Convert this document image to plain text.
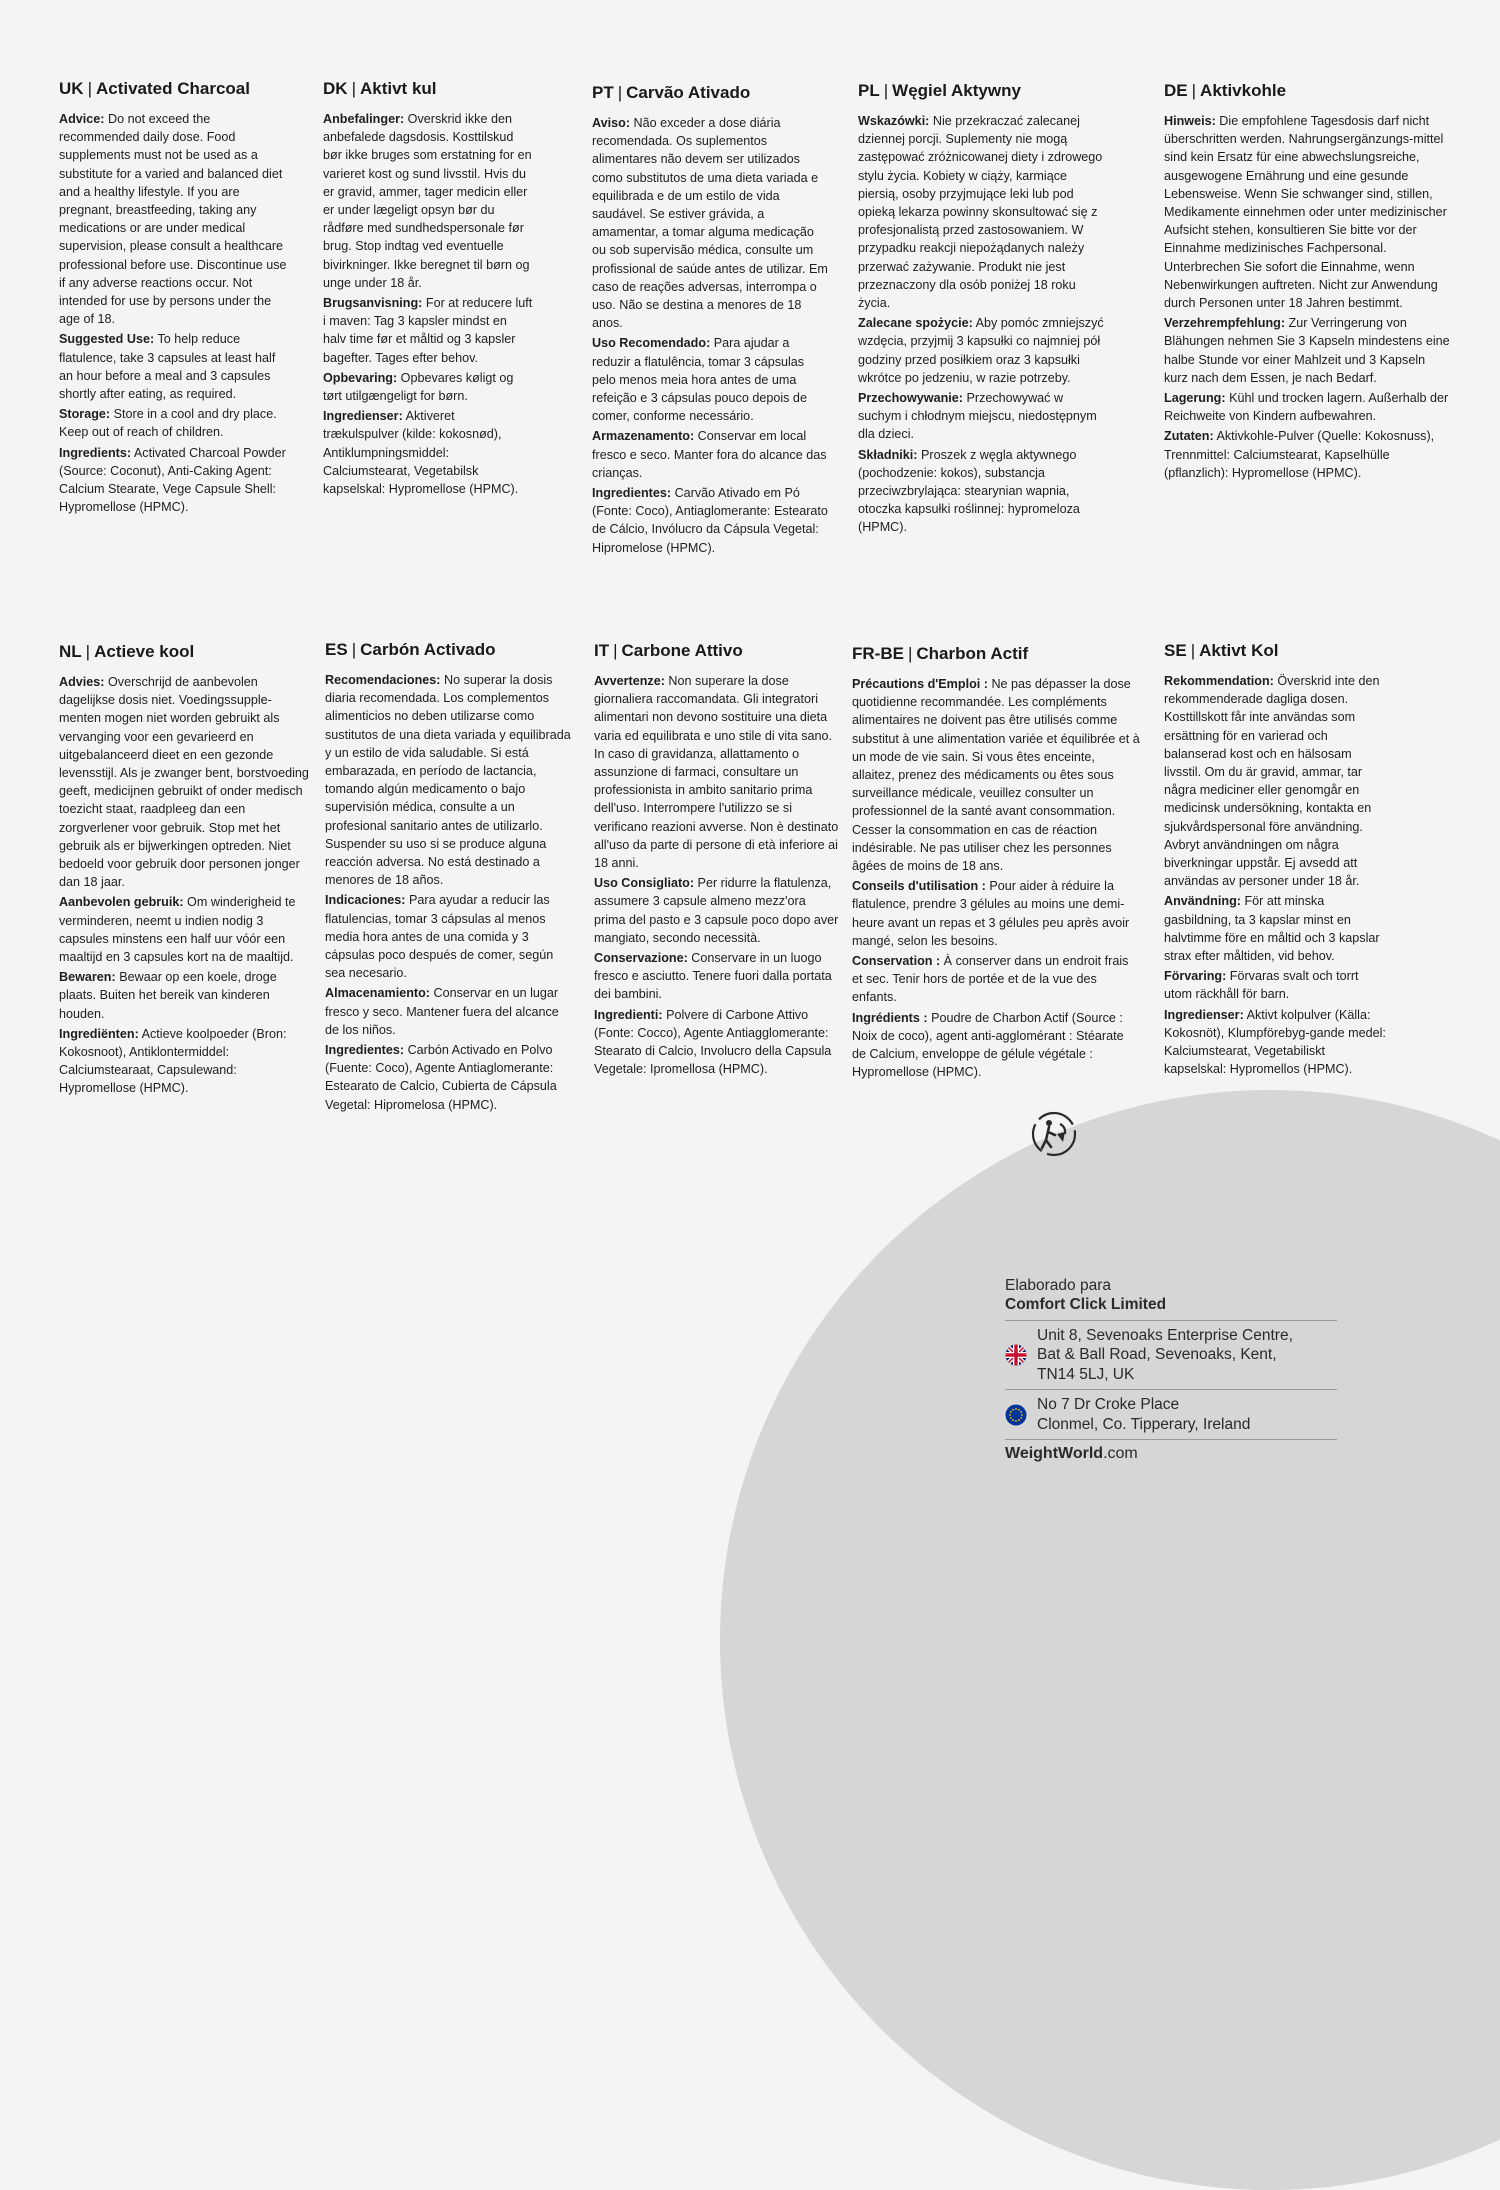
UK | Activated Charcoal

Advice: Do not exceed the recommended daily dose. Food supplements must not be used as a substitute for a varied and balanced diet and a healthy lifestyle. If you are pregnant, breastfeeding, taking any medications or are under medical supervision, please consult a healthcare professional before use. Discontinue use if any adverse reactions occur. Not intended for use by persons under the age of 18.

Suggested Use: To help reduce flatulence, take 3 capsules at least half an hour before a meal and 3 capsules shortly after eating, as required.

Storage: Store in a cool and dry place. Keep out of reach of children.

Ingredients: Activated Charcoal Powder (Source: Coconut), Anti-Caking Agent: Calcium Stearate, Vege Capsule Shell: Hypromellose (HPMC).

DK | Aktivt kul

Anbefalinger: Overskrid ikke den anbefalede dagsdosis. Kosttilskud bør ikke bruges som erstatning for en varieret kost og sund livsstil. Hvis du er gravid, ammer, tager medicin eller er under lægeligt opsyn bør du rådføre med sundhedspersonale før brug. Stop indtag ved eventuelle bivirkninger. Ikke beregnet til børn og unge under 18 år.

Brugsanvisning: For at reducere luft i maven: Tag 3 kapsler mindst en halv time før et måltid og 3 kapsler bagefter. Tages efter behov.

Opbevaring: Opbevares køligt og tørt utilgængeligt for børn.

Ingredienser: Aktiveret trækulspulver (kilde: kokosnød), Antiklumpningsmiddel: Calciumstearat, Vegetabilsk kapselskal: Hypromellose (HPMC).

PT | Carvão Ativado

Aviso: Não exceder a dose diária recomendada. Os suplementos alimentares não devem ser utilizados como substitutos de uma dieta variada e equilibrada e de um estilo de vida saudável. Se estiver grávida, a amamentar, a tomar alguma medicação ou sob supervisão médica, consulte um profissional de saúde antes de utilizar. Em caso de reações adversas, interrompa o uso. Não se destina a menores de 18 anos.

Uso Recomendado: Para ajudar a reduzir a flatulência, tomar 3 cápsulas pelo menos meia hora antes de uma refeição e 3 cápsulas pouco depois de comer, conforme necessário.

Armazenamento: Conservar em local fresco e seco. Manter fora do alcance das crianças.

Ingredientes: Carvão Ativado em Pó (Fonte: Coco), Antiaglomerante: Estearato de Cálcio, Invólucro da Cápsula Vegetal: Hipromelose (HPMC).

PL | Węgiel Aktywny

Wskazówki: Nie przekraczać zalecanej dziennej porcji. Suplementy nie mogą zastępować zróżnicowanej diety i zdrowego stylu życia. Kobiety w ciąży, karmiące piersią, osoby przyjmujące leki lub pod opieką lekarza powinny skonsultować się z profesjonalistą przed zastosowaniem. W przypadku reakcji niepożądanych należy przerwać zażywanie. Produkt nie jest przeznaczony dla osób poniżej 18 roku życia.

Zalecane spożycie: Aby pomóc zmniejszyć wzdęcia, przyjmij 3 kapsułki co najmniej pół godziny przed posiłkiem oraz 3 kapsułki wkrótce po jedzeniu, w razie potrzeby.

Przechowywanie: Przechowywać w suchym i chłodnym miejscu, niedostępnym dla dzieci.

Składniki: Proszek z węgla aktywnego (pochodzenie: kokos), substancja przeciwzbrylająca: stearynian wapnia, otoczka kapsułki roślinnej: hypromeloza (HPMC).

DE | Aktivkohle

Hinweis: Die empfohlene Tagesdosis darf nicht überschritten werden. Nahrungsergänzungs-mittel sind kein Ersatz für eine abwechslungsreiche, ausgewogene Ernährung und eine gesunde Lebensweise. Wenn Sie schwanger sind, stillen, Medikamente einnehmen oder unter medizinischer Aufsicht stehen, konsultieren Sie bitte vor der Einnahme medizinisches Fachpersonal. Unterbrechen Sie sofort die Einnahme, wenn Nebenwirkungen auftreten. Nicht zur Anwendung durch Personen unter 18 Jahren bestimmt.

Verzehrempfehlung: Zur Verringerung von Blähungen nehmen Sie 3 Kapseln mindestens eine halbe Stunde vor einer Mahlzeit und 3 Kapseln kurz nach dem Essen, je nach Bedarf.

Lagerung: Kühl und trocken lagern. Außerhalb der Reichweite von Kindern aufbewahren.

Zutaten: Aktivkohle-Pulver (Quelle: Kokosnuss), Trennmittel: Calciumstearat, Kapselhülle (pflanzlich): Hypromellose (HPMC).

NL | Actieve kool

Advies: Overschrijd de aanbevolen dagelijkse dosis niet. Voedingssupple-menten mogen niet worden gebruikt als vervanging voor een gevarieerd en uitgebalanceerd dieet en een gezonde levensstijl. Als je zwanger bent, borstvoeding geeft, medicijnen gebruikt of onder medisch toezicht staat, raadpleeg dan een zorgverlener voor gebruik. Stop met het gebruik als er bijwerkingen optreden. Niet bedoeld voor gebruik door personen jonger dan 18 jaar.

Aanbevolen gebruik: Om winderigheid te verminderen, neemt u indien nodig 3 capsules minstens een half uur vóór een maaltijd en 3 capsules kort na de maaltijd.

Bewaren: Bewaar op een koele, droge plaats. Buiten het bereik van kinderen houden.

Ingrediënten: Actieve koolpoeder (Bron: Kokosnoot), Antiklontermiddel: Calciumstearaat, Capsulewand: Hypromellose (HPMC).

ES | Carbón Activado

Recomendaciones: No superar la dosis diaria recomendada. Los complementos alimenticios no deben utilizarse como sustitutos de una dieta variada y equilibrada y un estilo de vida saludable. Si está embarazada, en período de lactancia, tomando algún medicamento o bajo supervisión médica, consulte a un profesional sanitario antes de utilizarlo. Suspender su uso si se produce alguna reacción adversa. No está destinado a menores de 18 años.

Indicaciones: Para ayudar a reducir las flatulencias, tomar 3 cápsulas al menos media hora antes de una comida y 3 cápsulas poco después de comer, según sea necesario.

Almacenamiento: Conservar en un lugar fresco y seco. Mantener fuera del alcance de los niños.

Ingredientes: Carbón Activado en Polvo (Fuente: Coco), Agente Antiaglomerante: Estearato de Calcio, Cubierta de Cápsula Vegetal: Hipromelosa (HPMC).

IT | Carbone Attivo

Avvertenze: Non superare la dose giornaliera raccomandata. Gli integratori alimentari non devono sostituire una dieta varia ed equilibrata e uno stile di vita sano. In caso di gravidanza, allattamento o assunzione di farmaci, consultare un professionista in ambito sanitario prima dell'uso. Interrompere l'utilizzo se si verificano reazioni avverse. Non è destinato all'uso da parte di persone di età inferiore ai 18 anni.

Uso Consigliato: Per ridurre la flatulenza, assumere 3 capsule almeno mezz'ora prima del pasto e 3 capsule poco dopo aver mangiato, secondo necessità.

Conservazione: Conservare in un luogo fresco e asciutto. Tenere fuori dalla portata dei bambini.

Ingredienti: Polvere di Carbone Attivo (Fonte: Cocco), Agente Antiagglomerante: Stearato di Calcio, Involucro della Capsula Vegetale: Ipromellosa (HPMC).

FR-BE | Charbon Actif

Précautions d'Emploi : Ne pas dépasser la dose quotidienne recommandée. Les compléments alimentaires ne doivent pas être utilisés comme substitut à une alimentation variée et équilibrée et à un mode de vie sain. Si vous êtes enceinte, allaitez, prenez des médicaments ou êtes sous surveillance médicale, veuillez consulter un professionnel de la santé avant consommation. Cesser la consommation en cas de réaction indésirable. Ne pas utiliser chez les personnes âgées de moins de 18 ans.

Conseils d'utilisation : Pour aider à réduire la flatulence, prendre 3 gélules au moins une demi-heure avant un repas et 3 gélules peu après avoir mangé, selon les besoins.

Conservation : À conserver dans un endroit frais et sec. Tenir hors de portée et de la vue des enfants.

Ingrédients : Poudre de Charbon Actif (Source : Noix de coco), agent anti-agglomérant : Stéarate de Calcium, enveloppe de gélule végétale : Hypromellose (HPMC).

SE | Aktivt Kol

Rekommendation: Överskrid inte den rekommenderade dagliga dosen. Kosttillskott får inte användas som ersättning för en varierad och balanserad kost och en hälsosam livsstil. Om du är gravid, ammar, tar några mediciner eller genomgår en medicinsk undersökning, kontakta en sjukvårdspersonal före användning. Avbryt användningen om några biverkningar uppstår. Ej avsedd att användas av personer under 18 år.

Användning: För att minska gasbildning, ta 3 kapslar minst en halvtimme före en måltid och 3 kapslar strax efter måltiden, vid behov.

Förvaring: Förvaras svalt och torrt utom räckhåll för barn.

Ingredienser: Aktivt kolpulver (Källa: Kokosnöt), Klumpförebyg-gande medel: Kalciumstearat, Vegetabiliskt kapselskal: Hypromellos (HPMC).

Elaborado para
Comfort Click Limited
Unit 8, Sevenoaks Enterprise Centre,
Bat & Ball Road, Sevenoaks, Kent,
TN14 5LJ, UK
No 7 Dr Croke Place
Clonmel, Co. Tipperary, Ireland
WeightWorld.com
